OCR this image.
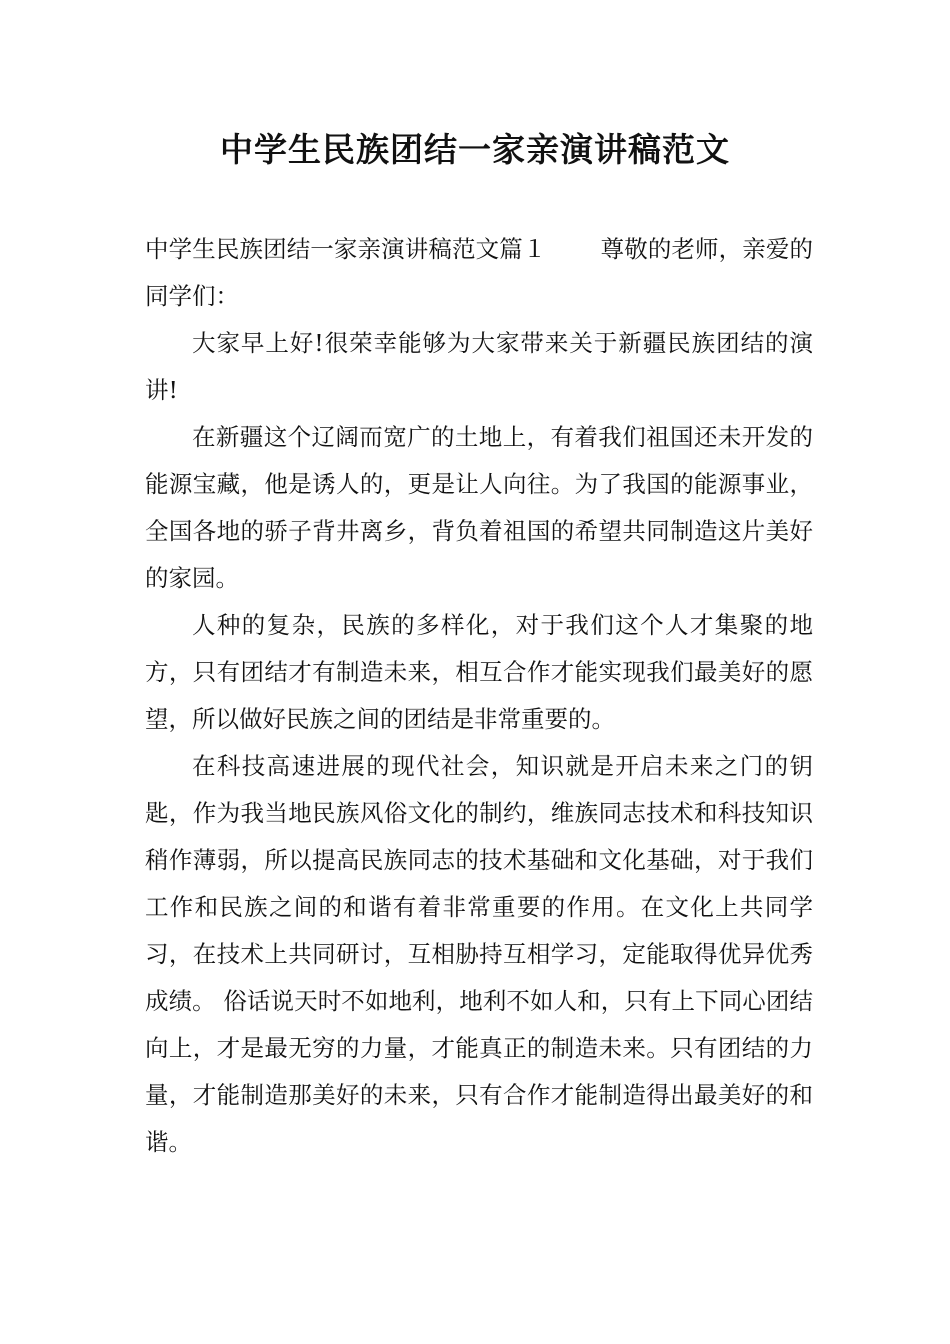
中学生民族团结一家亲演讲稿范文

中学生民族团结一家亲演讲稿范文篇１ 尊敬的老师，亲爱的同学们：

大家早上好!很荣幸能够为大家带来关于新疆民族团结的演讲!

在新疆这个辽阔而宽广的土地上，有着我们祖国还未开发的能源宝藏，他是诱人的，更是让人向往。为了我国的能源事业，全国各地的骄子背井离乡，背负着祖国的希望共同制造这片美好的家园。

人种的复杂，民族的多样化，对于我们这个人才集聚的地方，只有团结才有制造未来，相互合作才能实现我们最美好的愿望，所以做好民族之间的团结是非常重要的。

在科技高速进展的现代社会，知识就是开启未来之门的钥匙，作为我当地民族风俗文化的制约，维族同志技术和科技知识稍作薄弱，所以提高民族同志的技术基础和文化基础，对于我们工作和民族之间的和谐有着非常重要的作用。在文化上共同学习，在技术上共同研讨，互相胁持互相学习，定能取得优异优秀成绩。 俗话说天时不如地利，地利不如人和，只有上下同心团结向上，才是最无穷的力量，才能真正的制造未来。只有团结的力量，才能制造那美好的未来，只有合作才能制造得出最美好的和谐。
